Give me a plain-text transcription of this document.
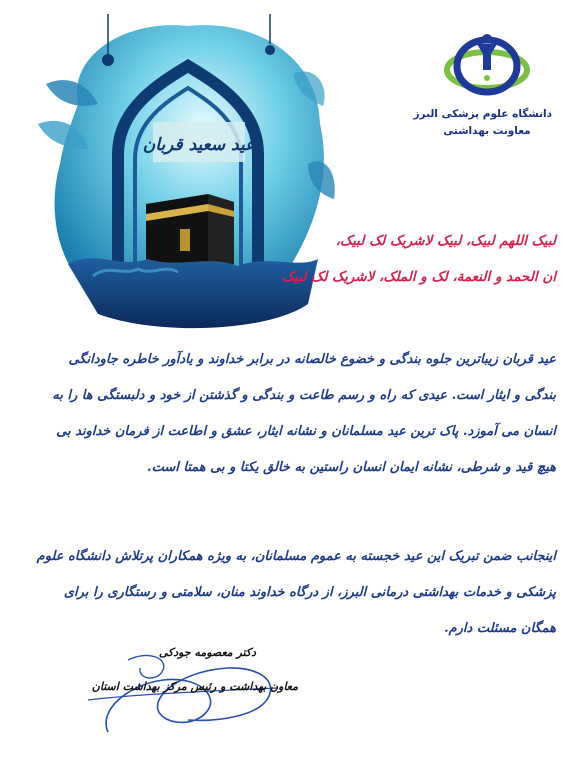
عید سعید قربان
دانشگاه علوم پزشکی البرز
معاونت بهداشتی
لبیک اللهم لبیک، لبیک لاشریک لک لبیک،
ان الحمد و النعمة، لک و الملک، لاشریک لک لبیک
عید قربان زیباترین جلوه بندگی و خضوع خالصانه در برابر خداوند و یادآور خاطره جاودانگی بندگی و ایثار است. عیدی که راه و رسم طاعت و بندگی و گذشتن از خود و دلبستگی ها را به انسان می آموزد. پاک ترین عید مسلمانان و نشانه ایثار، عشق و اطاعت از فرمان خداوند بی هیچ قید و شرطی، نشانه ایمان انسان راستین به خالق یکتا و بی همتا است.
اینجانب ضمن تبریک این عید خجسته به عموم مسلمانان، به ویژه همکاران پرتلاش دانشگاه علوم پزشکی و خدمات بهداشتی درمانی البرز، از درگاه خداوند منان، سلامتی و رستگاری را برای همگان مسئلت دارم.
دکتر معصومه جودکی
معاون بهداشت و رئیس مرکز بهداشت استان
